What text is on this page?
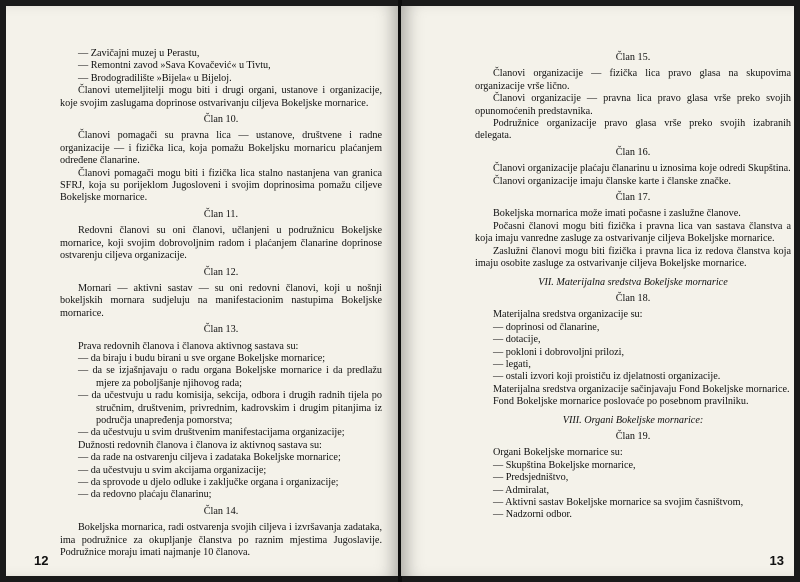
— Zavičajni muzej u Perastu,

— Remontni zavod »Sava Kovačević« u Tivtu,

— Brodogradilište »Bijela« u Bijeloj.

Članovi utemeljitelji mogu biti i drugi organi, ustanove i organizacije, koje svojim zaslugama doprinose ostvarivanju ciljeva Bokeljske mornarice.

Član 10.

Članovi pomagači su pravna lica — ustanove, društvene i radne organizacije — i fizička lica, koja pomažu Bokeljsku mornaricu plaćanjem određene članarine.

Članovi pomagači mogu biti i fizička lica stalno nastanjena van granica SFRJ, koja su porijeklom Jugosloveni i svojim doprinosima pomažu ciljeve Bokeljske mornarice.

Član 11.

Redovni članovi su oni članovi, učlanjeni u podružnicu Bokeljske mornarice, koji svojim dobrovoljnim radom i plaćanjem članarine doprinose ostvarenju ciljeva organizacije.

Član 12.

Mornari — aktivni sastav — su oni redovni članovi, koji u nošnji bokeljskih mornara sudjeluju na manifestacionim nastupima Bokeljske mornarice.

Član 13.

Prava redovnih članova i članova aktivnog sastava su:

— da biraju i budu birani u sve organe Bokeljske mornarice;

— da se izjašnjavaju o radu organa Bokeljske mornarice i da predlažu mjere za poboljšanje njihovog rada;

— da učestvuju u radu komisija, sekcija, odbora i drugih radnih tijela po stručnim, društvenim, privrednim, kadrovskim i drugim pitanjima iz područja unapređenja pomorstva;

— da učestvuju u svim društvenim manifestacijama organizacije;

Dužnosti redovnih članova i članova iz aktivnoq sastava su:

— da rade na ostvarenju ciljeva i zadataka Bokeljske mornarice;

— da učestvuju u svim akcijama organizacije;

— da sprovode u djelo odluke i zaključke organa i organizacije;

— da redovno plaćaju članarinu;

Član 14.

Bokeljska mornarica, radi ostvarenja svojih ciljeva i izvršavanja zadataka, ima podružnice za okupljanje članstva po raznim mjestima Jugoslavije. Podružnice moraju imati najmanje 10 članova.

12

Član 15.

Članovi organizacije — fizička lica pravo glasa na skupovima organizacije vrše lično.

Članovi organizacije — pravna lica pravo glasa vrše preko svojih opunomoćenih predstavnika.

Podružnice organizacije pravo glasa vrše preko svojih izabranih delegata.

Član 16.

Članovi organizacije plaćaju članarinu u iznosima koje odredi Skupština.

Članovi organizacije imaju članske karte i članske značke.

Član 17.

Bokeljska mornarica može imati počasne i zaslužne članove.

Počasni članovi mogu biti fizička i pravna lica van sastava članstva a koja imaju vanredne zasluge za ostvarivanje ciljeva Bokeljske mornarice.

Zaslužni članovi mogu biti fizička i pravna lica iz redova članstva koja imaju osobite zasluge za ostvarivanje ciljeva Bokeljske mornarice.

VII. Materijalna sredstva Bokeljske mornarice

Član 18.

Materijalna sredstva organizacije su:

— doprinosi od članarine,

— dotacije,

— pokloni i dobrovoljni prilozi,

— legati,

— ostali izvori koji proističu iz djelatnosti organizacije.

Materijalna sredstva organizacije sačinjavaju Fond Bokeljske mornarice.

Fond Bokeljske mornarice poslovaće po posebnom pravilniku.

VIII. Organi Bokeljske mornarice:

Član 19.

Organi Bokeljske mornarice su:

— Skupština Bokeljske mornarice,

— Predsjedništvo,

— Admiralat,

— Aktivni sastav Bokeljske mornarice sa svojim časništvom,

— Nadzorni odbor.

13
